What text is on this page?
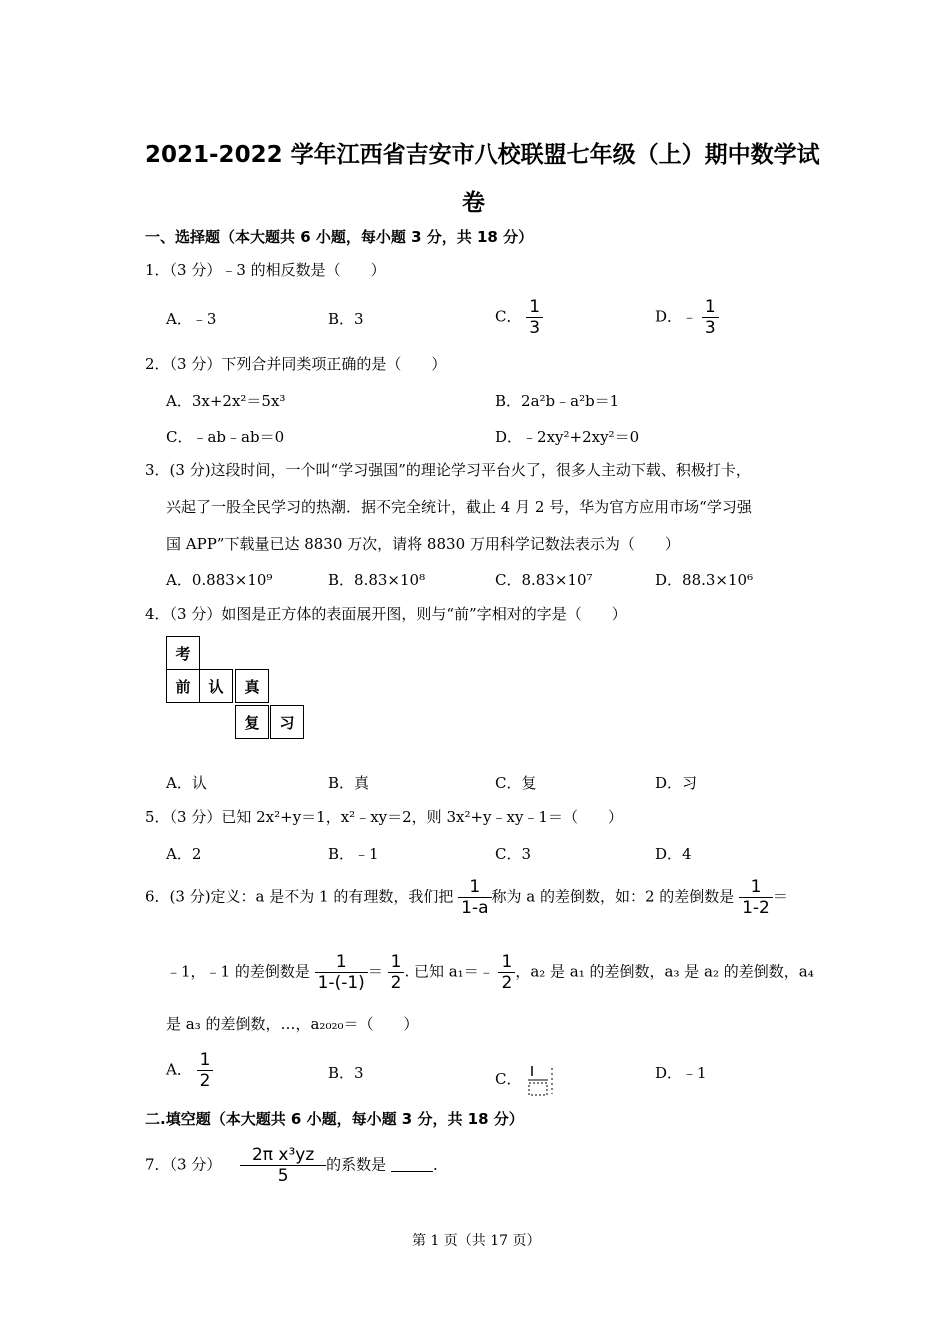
2021-2022 学年江西省吉安市八校联盟七年级（上）期中数学试
卷
一、选择题（本大题共 6 小题，每小题 3 分，共 18 分）
1．（3 分）﹣3 的相反数是（　　）
A．﹣3	B．3	C． $\frac{1}{3}$	D．﹣ $\frac{1}{3}$
2．（3 分）下列合并同类项正确的是（　　）
A．3x+2x²＝5x³	B．2a²b﹣a²b＝1
C．﹣ab﹣ab＝0	D．﹣2xy²+2xy²＝0
3．(3 分)这段时间，一个叫“学习强国”的理论学习平台火了，很多人主动下载、积极打卡，
兴起了一股全民学习的热潮．据不完全统计，截止 4 月 2 号，华为官方应用市场“学习强
国 APP”下载量已达 8830 万次，请将 8830 万用科学记数法表示为（　　）
A．0.883×10⁹	B．8.83×10⁸	C．8.83×10⁷	D．88.3×10⁶
4．（3 分）如图是正方体的表面展开图，则与“前”字相对的字是（　　）
考
前	认	真
复	习
A．认	B．真	C．复	D．习
5．（3 分）已知 2x²+y＝1，x²﹣xy＝2，则 3x²+y﹣xy﹣1＝（　　）
A．2	B．﹣1	C．3	D．4
6．(3 分)定义：a 是不为 1 的有理数，我们把 $\frac{1}{1-a}$ 称为 a 的差倒数，如：2 的差倒数是 $\frac{1}{1-2}$ ＝
﹣1，﹣1 的差倒数是 $\frac{1}{1-(-1)} = \frac{1}{2}$ . 已知 a₁＝﹣ $\frac{1}{2}$ ，a₂ 是 a₁ 的差倒数，a₃ 是 a₂ 的差倒数，a₄
是 a₃ 的差倒数，…，a₂₀₂₀＝（　　）
A． $\frac{1}{2}$	B．3	C．	D．﹣1
二.填空题（本大题共 6 小题，每小题 3 分，共 18 分）
7．（3 分） $\frac{\text{2π x³yz}}{5}$ 的系数是	．
第 1 页（共 17 页）
